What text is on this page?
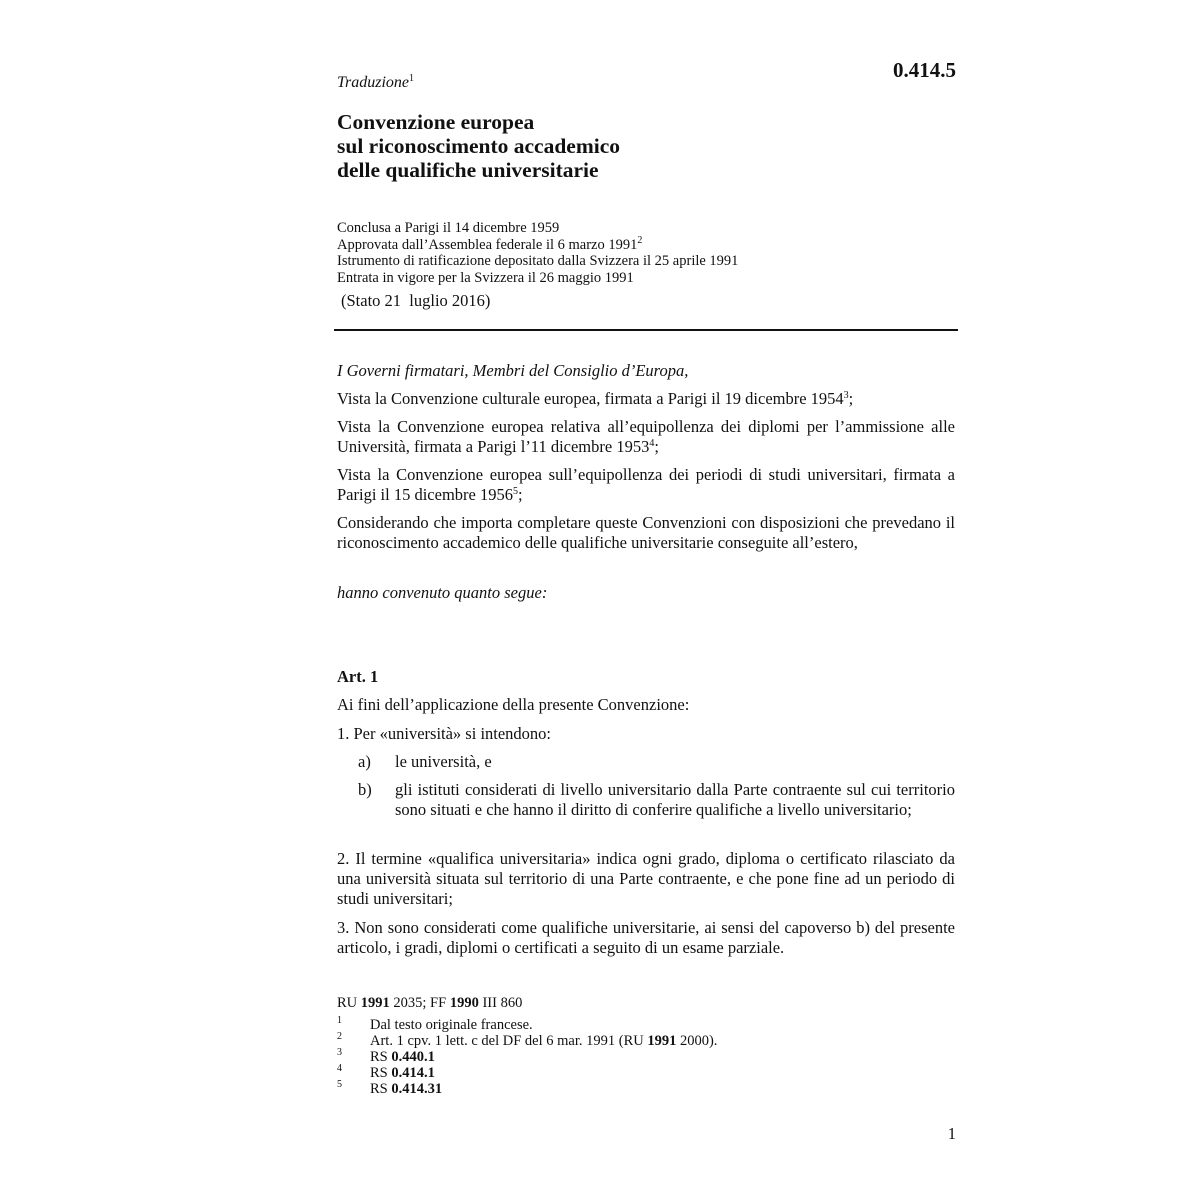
0.414.5
Traduzione$^1$
Convenzione europea
sul riconoscimento accademico
delle qualifiche universitarie
Conclusa a Parigi il 14 dicembre 1959
Approvata dall’Assemblea federale il 6 marzo 1991$^2$
Istrumento di ratificazione depositato dalla Svizzera il 25 aprile 1991
Entrata in vigore per la Svizzera il 26 maggio 1991
(Stato 21  luglio 2016)
I Governi firmatari, Membri del Consiglio d’Europa,
Vista la Convenzione culturale europea, firmata a Parigi il 19 dicembre 1954$^3$;
Vista la Convenzione europea relativa all’equipollenza dei diplomi per l’ammissione alle Università, firmata a Parigi l’11 dicembre 1953$^4$;
Vista la Convenzione europea sull’equipollenza dei periodi di studi universitari, firmata a Parigi il 15 dicembre 1956$^5$;
Considerando che importa completare queste Convenzioni con disposizioni che prevedano il riconoscimento accademico delle qualifiche universitarie conseguite all’estero,
hanno convenuto quanto segue:
Art. 1
Ai fini dell’applicazione della presente Convenzione:
1. Per «università» si intendono:
a) le università, e
b) gli istituti considerati di livello universitario dalla Parte contraente sul cui territorio sono situati e che hanno il diritto di conferire qualifiche a livello universitario;
2. Il termine «qualifica universitaria» indica ogni grado, diploma o certificato rilasciato da una università situata sul territorio di una Parte contraente, e che pone fine ad un periodo di studi universitari;
3. Non sono considerati come qualifiche universitarie, ai sensi del capoverso b) del presente articolo, i gradi, diplomi o certificati a seguito di un esame parziale.
RU 1991 2035; FF 1990 III 860
1 Dal testo originale francese.
2 Art. 1 cpv. 1 lett. c del DF del 6 mar. 1991 (RU 1991 2000).
3 RS 0.440.1
4 RS 0.414.1
5 RS 0.414.31
1
